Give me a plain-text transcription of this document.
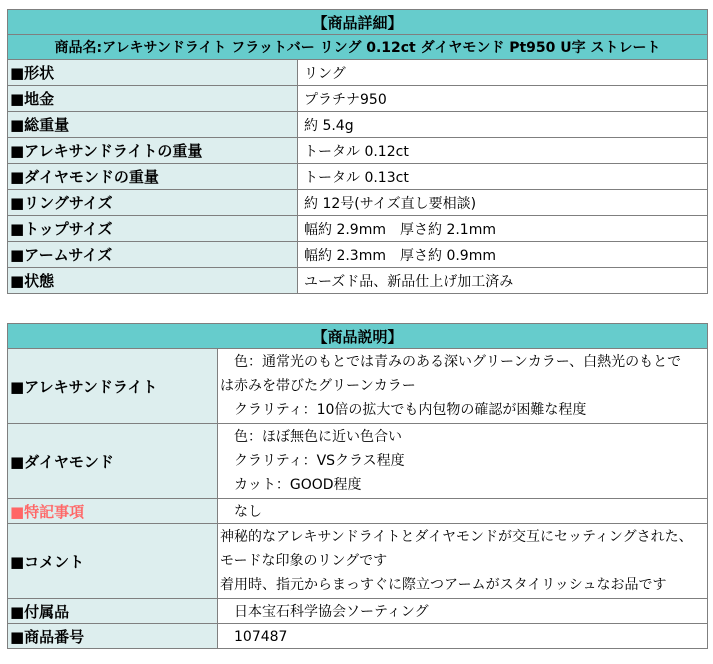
【商品詳細】	
商品名:アレキサンドライト フラットバー リング 0.12ct ダイヤモンド Pt950 U字 ストレート	
■形状	リング
■地金	プラチナ950
■総重量	約 5.4g
■アレキサンドライトの重量	トータル 0.12ct
■ダイヤモンドの重量	トータル 0.13ct
■リングサイズ	約 12号(サイズ直し要相談)
■トップサイズ	幅約 2.9mm　厚さ約 2.1mm
■アームサイズ	幅約 2.3mm　厚さ約 0.9mm
■状態	ユーズド品、新品仕上げ加工済み
【商品説明】	
■アレキサンドライト	　色：通常光のもとでは青みのある深いグリーンカラー、白熱光のもとで
は赤みを帯びたグリーンカラー
　クラリティ：10倍の拡大でも内包物の確認が困難な程度

■ダイヤモンド	　色：ほぼ無色に近い色合い
　クラリティ：VSクラス程度
　カット：GOOD程度

■特記事項	　なし
■コメント	神秘的なアレキサンドライトとダイヤモンドが交互にセッティングされた、
モードな印象のリングです
着用時、指元からまっすぐに際立つアームがスタイリッシュなお品です

■付属品	　日本宝石科学協会ソーティング
■商品番号	　107487
